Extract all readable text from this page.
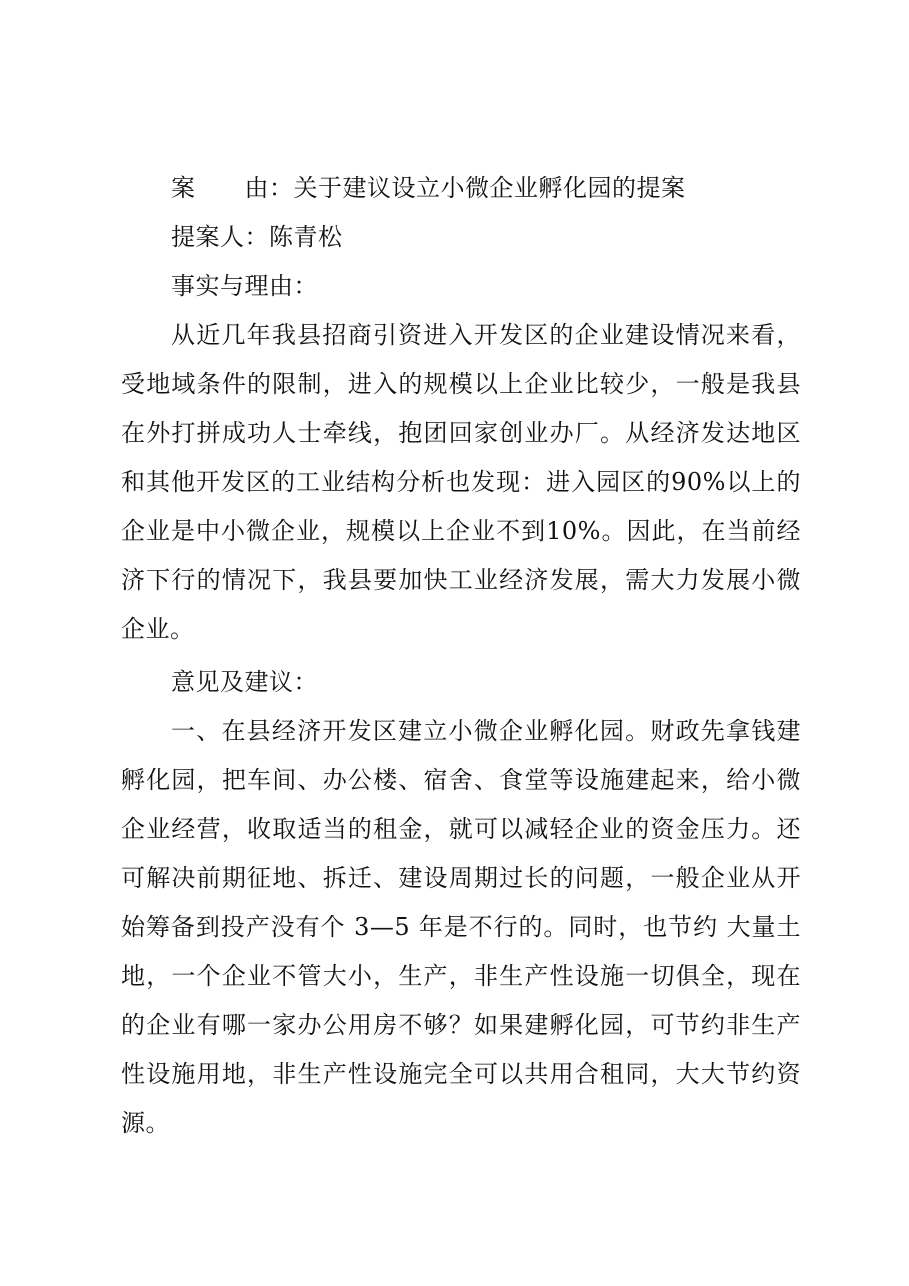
案　　由：关于建议设立小微企业孵化园的提案
提案人：陈青松
事实与理由：
从近几年我县招商引资进入开发区的企业建设情况来看，
受地域条件的限制，进入的规模以上企业比较少，一般是我县
在外打拼成功人士牵线，抱团回家创业办厂。从经济发达地区
和其他开发区的工业结构分析也发现：进入园区的90%以上的
企业是中小微企业，规模以上企业不到10%。因此，在当前经
济下行的情况下，我县要加快工业经济发展，需大力发展小微
企业。
意见及建议：
一、在县经济开发区建立小微企业孵化园。财政先拿钱建
孵化园，把车间、办公楼、宿舍、食堂等设施建起来，给小微
企业经营，收取适当的租金，就可以减轻企业的资金压力。还
可解决前期征地、拆迁、建设周期过长的问题，一般企业从开
始筹备到投产没有个 3—5 年是不行的。同时，也节约 大量土
地，一个企业不管大小，生产，非生产性设施一切俱全，现在
的企业有哪一家办公用房不够？如果建孵化园，可节约非生产
性设施用地，非生产性设施完全可以共用合租同，大大节约资
源。
